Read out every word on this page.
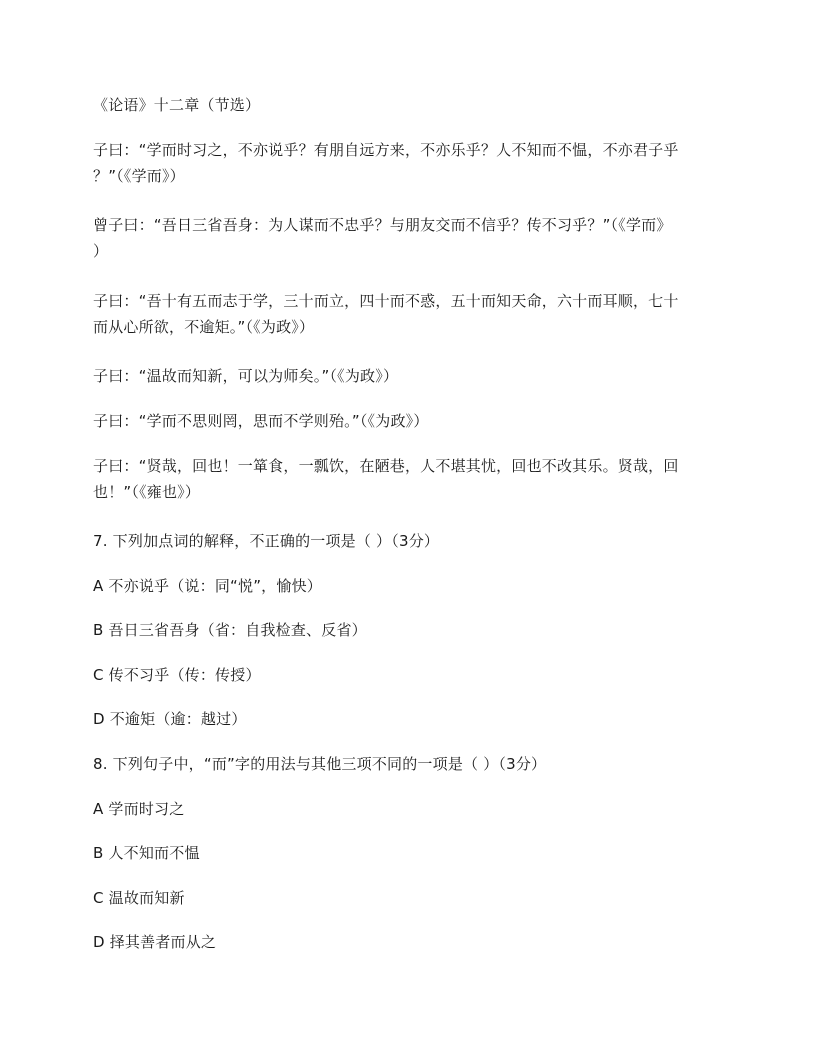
《论语》十二章（节选）
子曰：“学而时习之，不亦说乎？有朋自远方来，不亦乐乎？人不知而不愠，不亦君子乎
？”（《学而》）
曾子曰：“吾日三省吾身：为人谋而不忠乎？与朋友交而不信乎？传不习乎？”（《学而》
）
子曰：“吾十有五而志于学，三十而立，四十而不惑，五十而知天命，六十而耳顺，七十
而从心所欲，不逾矩。”（《为政》）
子曰：“温故而知新，可以为师矣。”（《为政》）
子曰：“学而不思则罔，思而不学则殆。”（《为政》）
子曰：“贤哉，回也！一箪食，一瓢饮，在陋巷，人不堪其忧，回也不改其乐。贤哉，回
也！”（《雍也》）
7. 下列加点词的解释，不正确的一项是（ ）（3分）
A 不亦说乎（说：同“悦”，愉快）
B 吾日三省吾身（省：自我检查、反省）
C 传不习乎（传：传授）
D 不逾矩（逾：越过）
8. 下列句子中，“而”字的用法与其他三项不同的一项是（ ）（3分）
A 学而时习之
B 人不知而不愠
C 温故而知新
D 择其善者而从之
